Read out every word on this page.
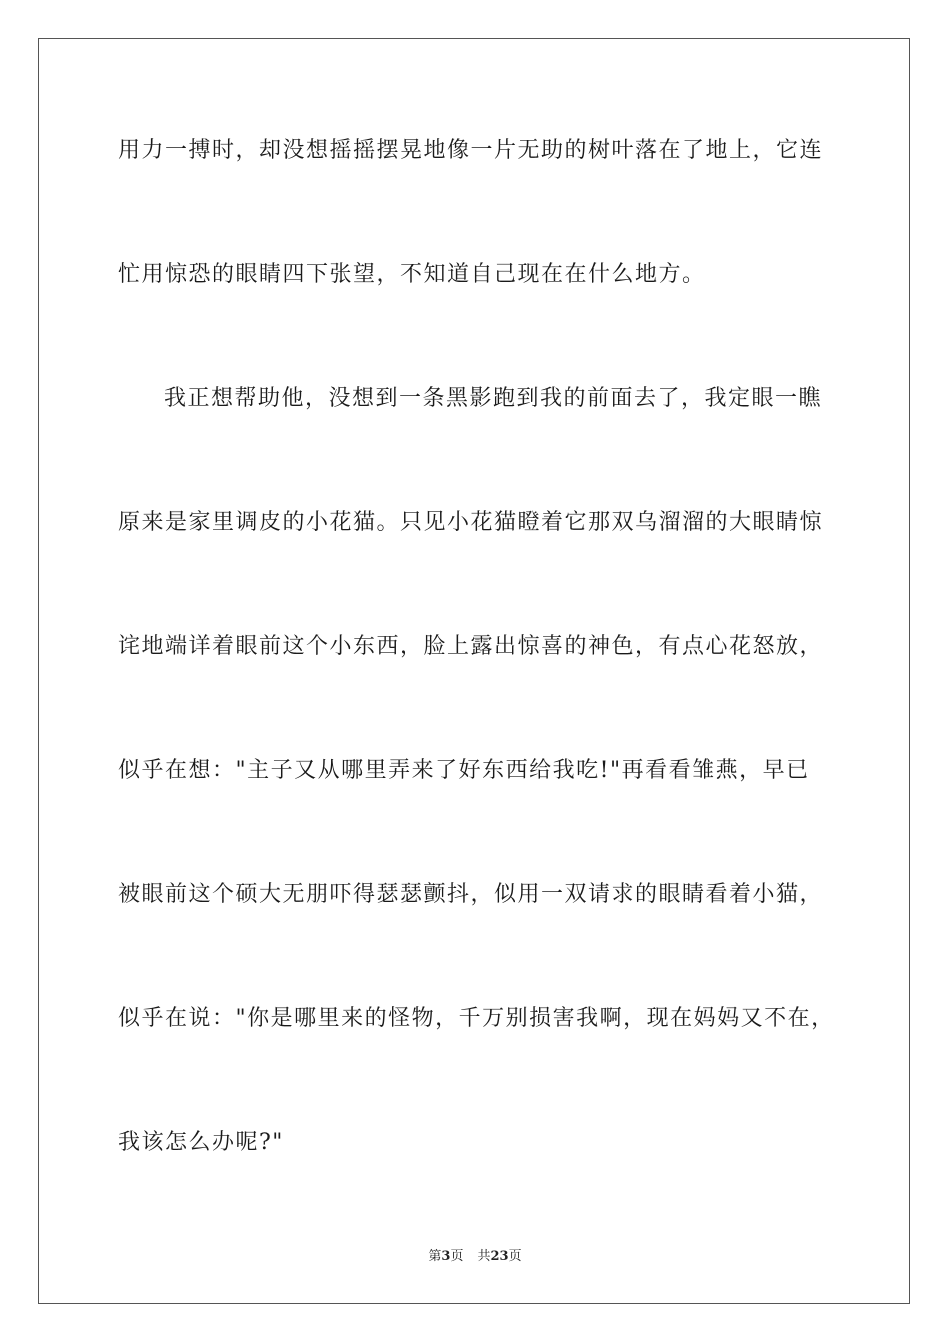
用力一搏时，却没想摇摇摆晃地像一片无助的树叶落在了地上，它连
忙用惊恐的眼睛四下张望，不知道自己现在在什么地方。
我正想帮助他，没想到一条黑影跑到我的前面去了，我定眼一瞧
原来是家里调皮的小花猫。只见小花猫瞪着它那双乌溜溜的大眼睛惊
诧地端详着眼前这个小东西，脸上露出惊喜的神色，有点心花怒放，
似乎在想："主子又从哪里弄来了好东西给我吃!"再看看雏燕，早已
被眼前这个硕大无朋吓得瑟瑟颤抖，似用一双请求的眼睛看着小猫，
似乎在说："你是哪里来的怪物，千万别损害我啊，现在妈妈又不在，
我该怎么办呢?"
第3页 共23页
